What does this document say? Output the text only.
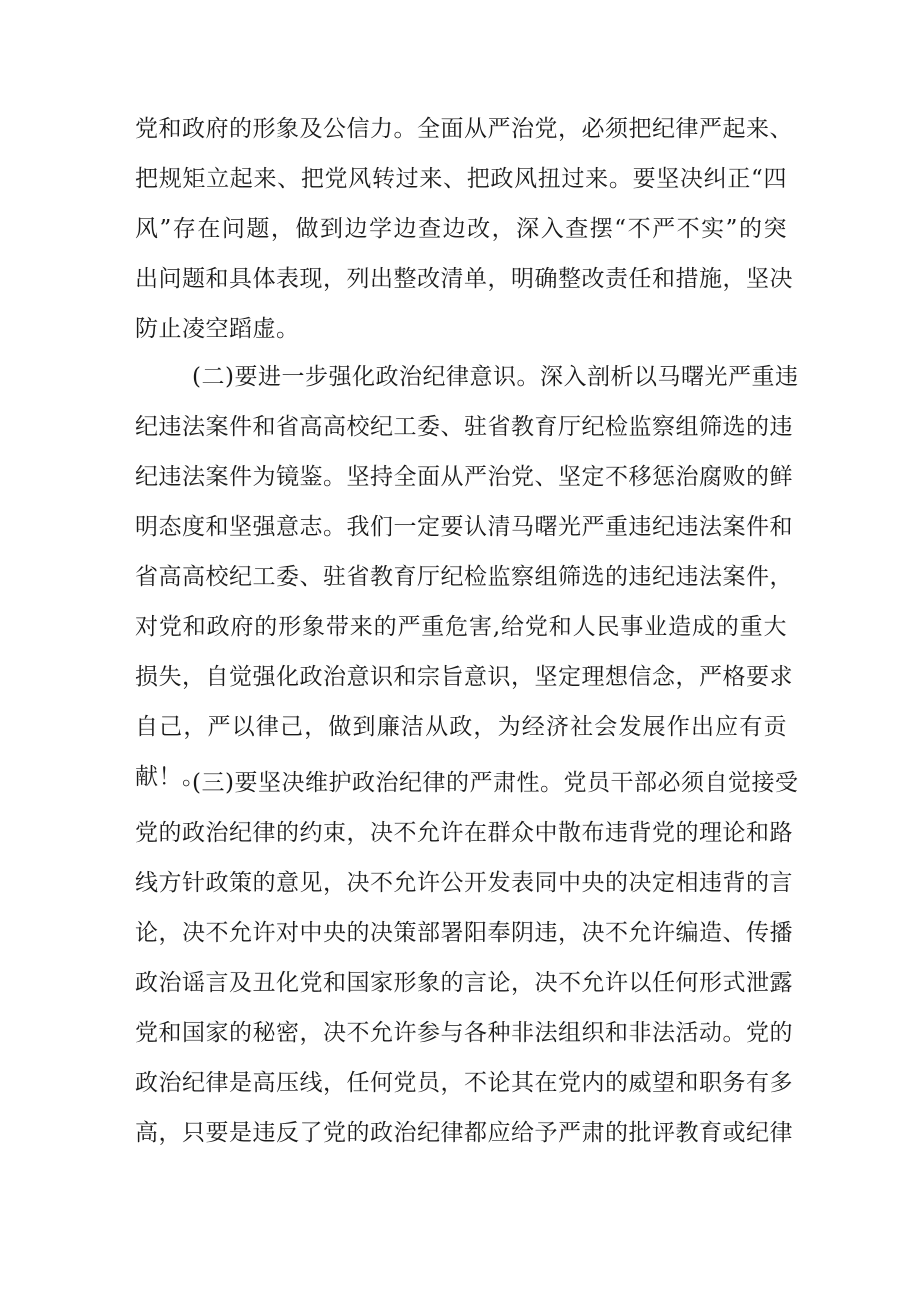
党和政府的形象及公信力。全面从严治党，必须把纪律严起来、
把规矩立起来、把党风转过来、把政风扭过来。要坚决纠正“四
风”存在问题，做到边学边查边改，深入查摆“不严不实”的突
出问题和具体表现，列出整改清单，明确整改责任和措施，坚决
防止凌空蹈虚。
(二)要进一步强化政治纪律意识。深入剖析以马曙光严重违
纪违法案件和省高高校纪工委、驻省教育厅纪检监察组筛选的违
纪违法案件为镜鉴。坚持全面从严治党、坚定不移惩治腐败的鲜
明态度和坚强意志。我们一定要认清马曙光严重违纪违法案件和
省高高校纪工委、驻省教育厅纪检监察组筛选的违纪违法案件，
对党和政府的形象带来的严重危害,给党和人民事业造成的重大
损失，自觉强化政治意识和宗旨意识，坚定理想信念，严格要求
自己，严以律己，做到廉洁从政，为经济社会发展作出应有贡
献！。
(三)要坚决维护政治纪律的严肃性。党员干部必须自觉接受
党的政治纪律的约束，决不允许在群众中散布违背党的理论和路
线方针政策的意见，决不允许公开发表同中央的决定相违背的言
论，决不允许对中央的决策部署阳奉阴违，决不允许编造、传播
政治谣言及丑化党和国家形象的言论，决不允许以任何形式泄露
党和国家的秘密，决不允许参与各种非法组织和非法活动。党的
政治纪律是高压线，任何党员，不论其在党内的威望和职务有多
高，只要是违反了党的政治纪律都应给予严肃的批评教育或纪律
